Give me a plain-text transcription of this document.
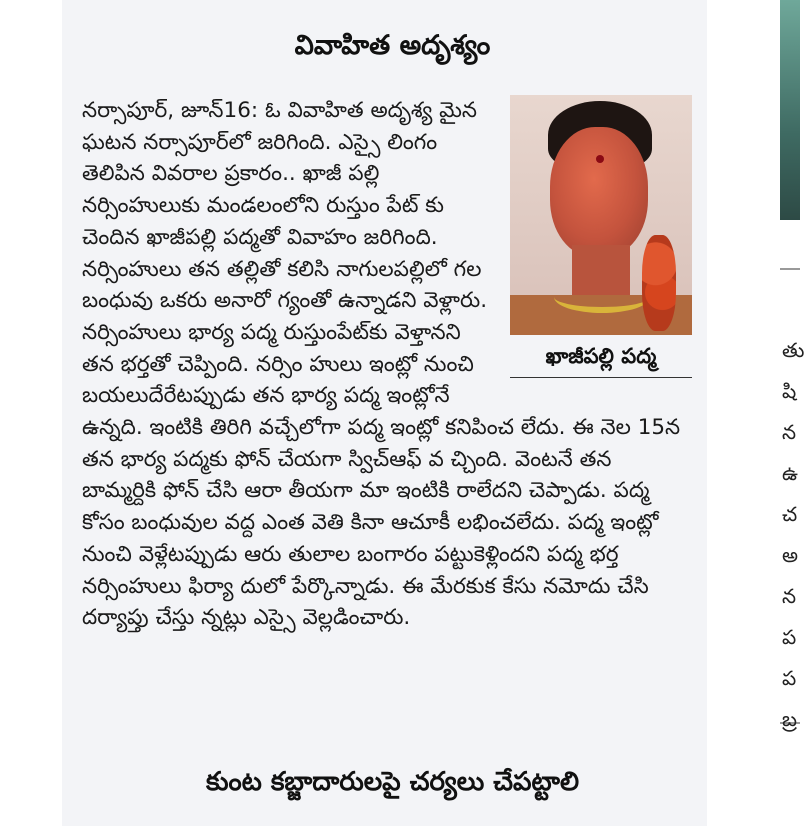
తు షి న ఉ చ అ న ప ప బ్ర
వివాహిత అదృశ్యం
ఖాజీపల్లి పద్మ
నర్సాపూర్, జూన్16: ఓ వివాహిత అదృశ్య మైన ఘటన నర్సాపూర్‌లో జరిగింది. ఎస్సై లింగం తెలిపిన వివరాల ప్రకారం.. ఖాజీ పల్లి నర్సింహులుకు మండలంలోని రుస్తుం పేట్ కు చెందిన ఖాజీపల్లి పద్మతో వివాహం జరిగింది. నర్సింహులు తన తల్లితో కలిసి నాగులపల్లిలో గల బంధువు ఒకరు అనారో గ్యంతో ఉన్నాడని వెళ్లారు. నర్సింహులు భార్య పద్మ రుస్తుంపేట్‌కు వెళ్తానని తన భర్తతో చెప్పింది. నర్సిం హులు ఇంట్లో నుంచి బయలుదేరేటప్పుడు తన భార్య పద్మ ఇంట్లోనే ఉన్నది. ఇంటికి తిరిగి వచ్చేలోగా పద్మ ఇంట్లో కనిపించ లేదు. ఈ నెల 15న తన భార్య పద్మకు ఫోన్ చేయగా స్విచ్ఆఫ్ వ చ్చింది. వెంటనే తన బామ్మర్దికి ఫోన్ చేసి ఆరా తీయగా మా ఇంటికి రాలేదని చెప్పాడు. పద్మ కోసం బంధువుల వద్ద ఎంత వెతి కినా ఆచూకీ లభించలేదు. పద్మ ఇంట్లో నుంచి వెళ్లేటప్పుడు ఆరు తులాల బంగారం పట్టుకెళ్లిందని పద్మ భర్త నర్సింహులు ఫిర్యా దులో పేర్కొన్నాడు. ఈ మేరకుక కేసు నమోదు చేసి దర్యాప్తు చేస్తు న్నట్లు ఎస్సై వెల్లడించారు.
కుంట కబ్జాదారులపై చర్యలు చేపట్టాలి
